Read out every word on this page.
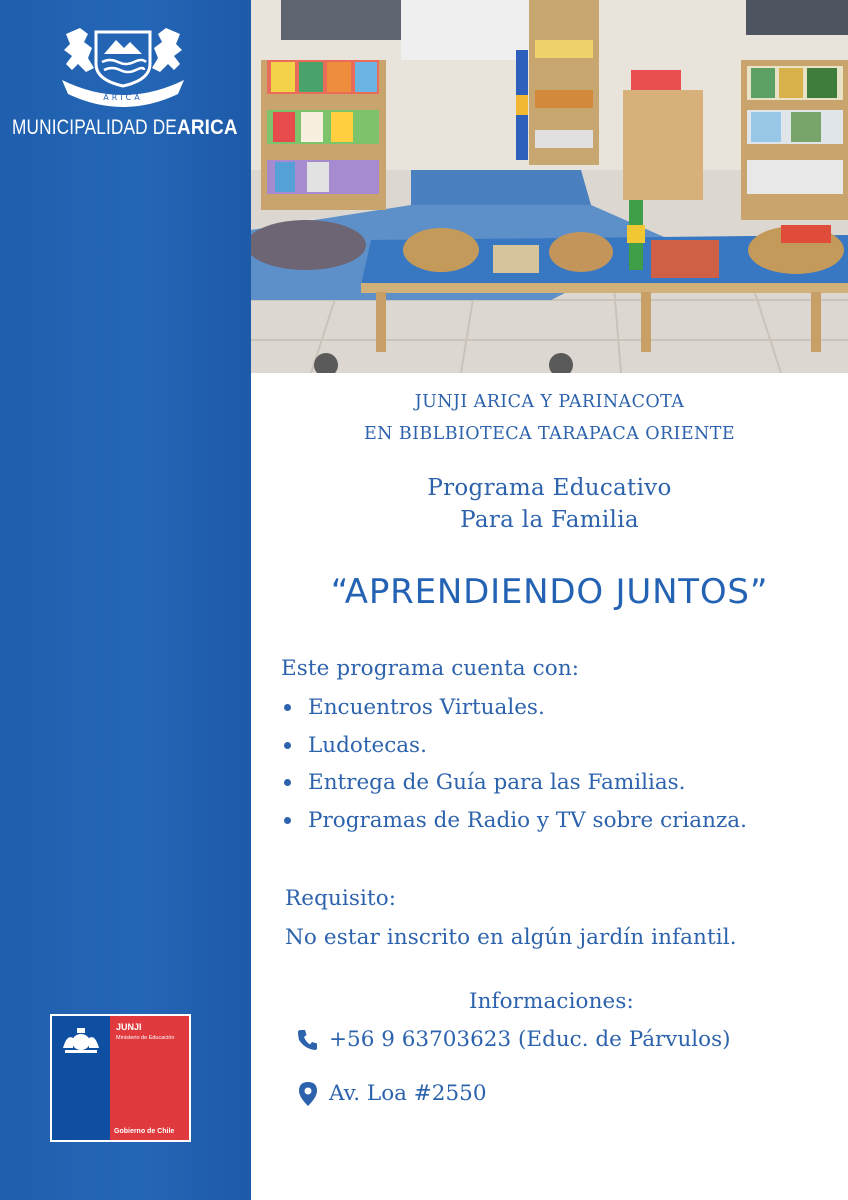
ARICA
MUNICIPALIDAD DEARICA
JUNJI
Ministerio de Educación
Gobierno de Chile
JUNJI ARICA Y PARINACOTA
EN BIBLBIOTECA TARAPACA ORIENTE
Programa Educativo
Para la Familia
“APRENDIENDO JUNTOS”
Este programa cuenta con:
Encuentros Virtuales.
Ludotecas.
Entrega de Guía para las Familias.
Programas de Radio y TV sobre crianza.
Requisito:
No estar inscrito en algún jardín infantil.
Informaciones:
+56 9 63703623 (Educ. de Párvulos)
Av. Loa #2550
